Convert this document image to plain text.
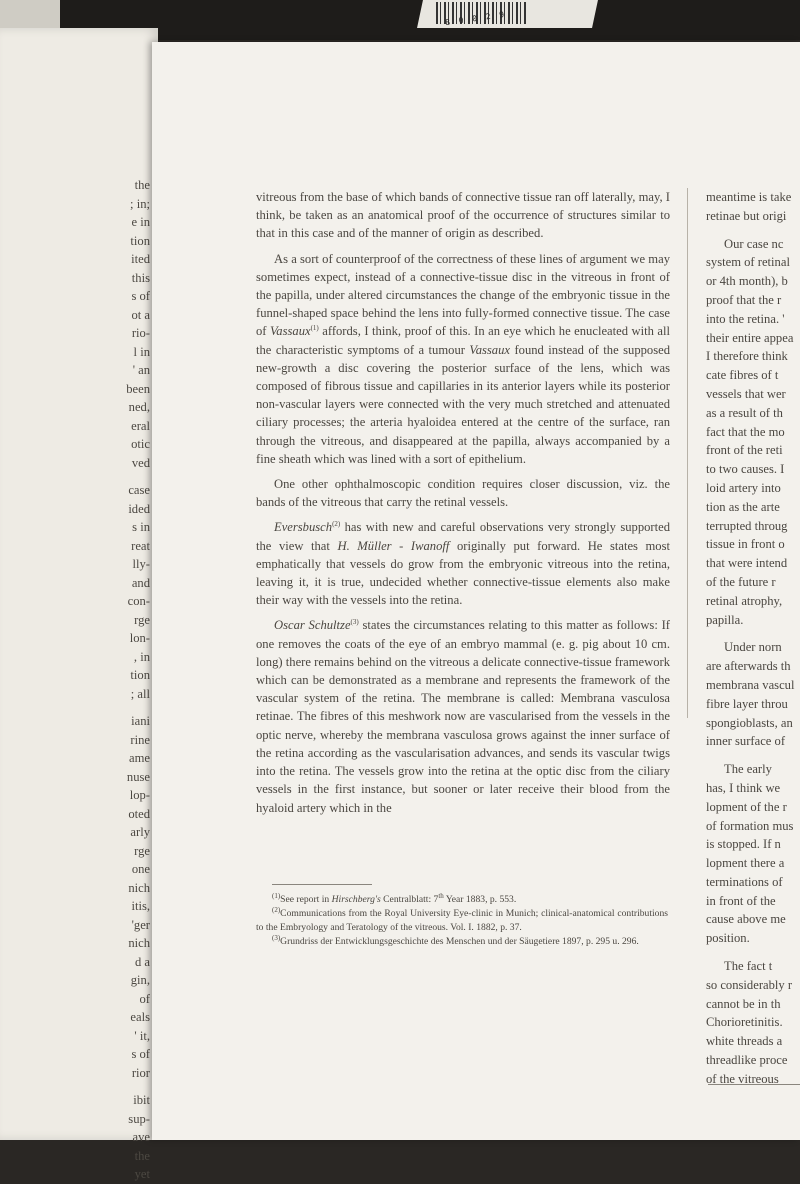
8 0 0 2 9
the
; in;
e in
tion
ited
this
s of
ot a
rio-
l in
' an
been
ned,
eral
otic
ved
case
ided
s in
reat
lly-
and
con-
rge
lon-
, in
tion
; all
iani
rine
ame
nuse
lop-
oted
arly
rge
one
nich
itis,
'ger
nich
d a
gin,
of
eals
' it,
s of
rior
ibit
sup-
ave
the
yet

vitreous from the base of which bands of connective tissue ran off laterally, may, I think, be taken as an anatomical proof of the occurrence of structures similar to that in this case and of the manner of origin as described.

As a sort of counterproof of the correctness of these lines of argument we may sometimes expect, instead of a connective-tissue disc in the vitreous in front of the papilla, under altered circumstances the change of the embryonic tissue in the funnel-shaped space behind the lens into fully-formed connective tissue. The case of Vassaux$^{(1)}$ affords, I think, proof of this. In an eye which he enucleated with all the characteristic symptoms of a tumour Vassaux found instead of the supposed new-growth a disc covering the posterior surface of the lens, which was composed of fibrous tissue and capillaries in its anterior layers while its posterior non-vascular layers were connected with the very much stretched and attenuated ciliary processes; the arteria hyaloidea entered at the centre of the surface, ran through the vitreous, and disappeared at the papilla, always accompanied by a fine sheath which was lined with a sort of epithelium.

One other ophthalmoscopic condition requires closer discussion, viz. the bands of the vitreous that carry the retinal vessels.

Eversbusch$^{(2)}$ has with new and careful observations very strongly supported the view that H. Müller - Iwanoff originally put forward. He states most emphatically that vessels do grow from the embryonic vitreous into the retina, leaving it, it is true, undecided whether connective-tissue elements also make their way with the vessels into the retina.

Oscar Schultze$^{(3)}$ states the circumstances relating to this matter as follows: If one removes the coats of the eye of an embryo mammal (e. g. pig about 10 cm. long) there remains behind on the vitreous a delicate connective-tissue framework which can be demonstrated as a membrane and represents the framework of the vascular system of the retina. The membrane is called: Membrana vasculosa retinae. The fibres of this meshwork now are vascularised from the vessels in the optic nerve, whereby the membrana vasculosa grows against the inner surface of the retina according as the vascularisation advances, and sends its vascular twigs into the retina. The vessels grow into the retina at the optic disc from the ciliary vessels in the first instance, but sooner or later receive their blood from the hyaloid artery which in the

$^{(1)}$See report in Hirschberg's Centralblatt: 7th Year 1883, p. 553.

$^{(2)}$Communications from the Royal University Eye-clinic in Munich; clinical-anatomical contributions to the Embryology and Teratology of the vitreous. Vol. I. 1882, p. 37.

$^{(3)}$Grundriss der Entwicklungsgeschichte des Menschen und der Säugetiere 1897, p. 295 u. 296.

meantime is take
retinae but origi
Our case nc
system of retinal
or 4th month), b
proof that the r
into the retina. '
their entire appea
I therefore think
cate fibres of t
vessels that wer
as a result of th
fact that the mo
front of the reti
to two causes. I
loid artery into
tion as the arte
terrupted throug
tissue in front o
that were intend
of the future r
retinal atrophy,
papilla.
Under norn
are afterwards th
membrana vascul
fibre layer throu
spongioblasts, an
inner surface of
The early
has, I think we
lopment of the r
of formation mus
is stopped. If n
lopment there a
terminations of
in front of the
cause above me
position.
The fact t
so considerably r
cannot be in th
Chorioretinitis.
white threads a
threadlike proce
of the vitreous
